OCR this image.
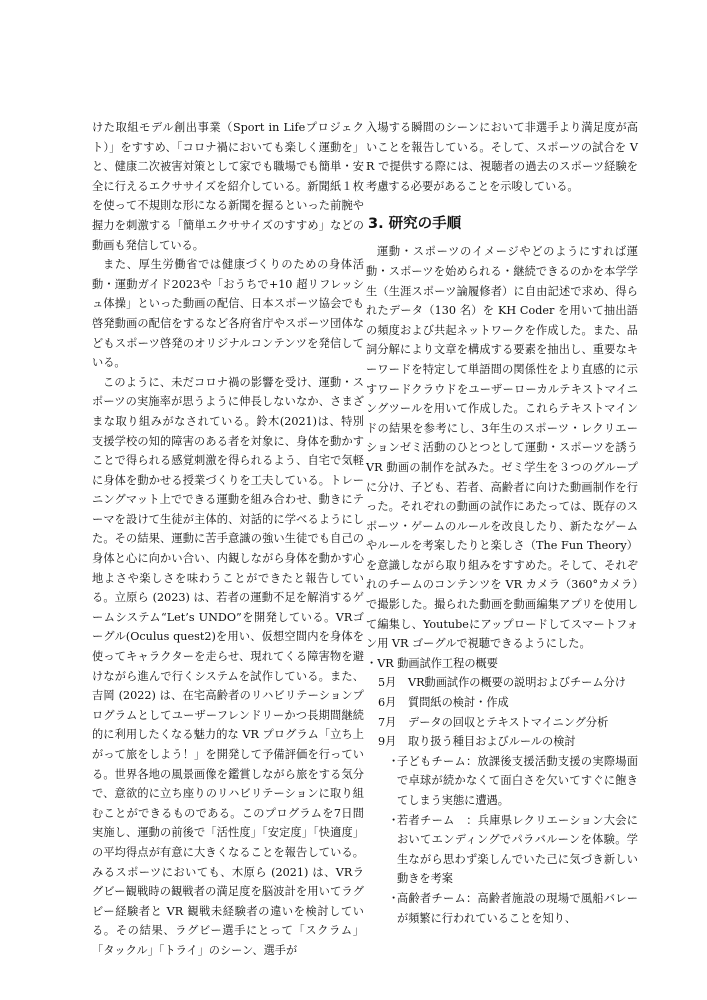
けた取組モデル創出事業（Sport in Lifeプロジェクト）」をすすめ、「コロナ禍においても楽しく運動を」と、健康二次被害対策として家でも職場でも簡単・安全に行えるエクササイズを紹介している。新聞紙１枚を使って不規則な形になる新聞を握るといった前腕や握力を刺激する「簡単エクササイズのすすめ」などの動画も発信している。

また、厚生労働省では健康づくりのための身体活動・運動ガイド2023や「おうちで+10 超リフレッシュ体操」といった動画の配信、日本スポーツ協会でも啓発動画の配信をするなど各府省庁やスポーツ団体などもスポーツ啓発のオリジナルコンテンツを発信している。

このように、未だコロナ禍の影響を受け、運動・スポーツの実施率が思うように伸長しないなか、さまざまな取り組みがなされている。鈴木(2021)は、特別支援学校の知的障害のある者を対象に、身体を動かすことで得られる感覚刺激を得られるよう、自宅で気軽に身体を動かせる授業づくりを工夫している。トレーニングマット上でできる運動を組み合わせ、動きにテーマを設けて生徒が主体的、対話的に学べるようにした。その結果、運動に苦手意識の強い生徒でも自己の身体と心に向かい合い、内観しながら身体を動かす心地よさや楽しさを味わうことができたと報告している。立原ら (2023) は、若者の運動不足を解消するゲームシステム“Let’s UNDO”を開発している。VRゴーグル(Oculus quest2)を用い、仮想空間内を身体を使ってキャラクターを走らせ、現れてくる障害物を避けながら進んで行くシステムを試作している。また、吉岡 (2022) は、在宅高齢者のリハビリテーションプログラムとしてユーザーフレンドリーかつ長期間継続的に利用したくなる魅力的な VR プログラム「立ち上がって旅をしよう！」を開発して予備評価を行っている。世界各地の風景画像を鑑賞しながら旅をする気分で、意欲的に立ち座りのリハビリテーションに取り組むことができるものである。このプログラムを7日間実施し、運動の前後で「活性度」「安定度」「快適度」の平均得点が有意に大きくなることを報告している。みるスポーツにおいても、木原ら (2021) は、VRラグビー観戦時の観戦者の満足度を脳波計を用いてラグビー経験者と VR 観戦未経験者の違いを検討している。その結果、ラグビー選手にとって「スクラム」「タックル」「トライ」のシーン、選手が

入場する瞬間のシーンにおいて非選手より満足度が高いことを報告している。そして、スポーツの試合を VR で提供する際には、視聴者の過去のスポーツ経験を考慮する必要があることを示唆している。

3. 研究の手順

運動・スポーツのイメージやどのようにすれば運動・スポーツを始められる・継続できるのかを本学学生（生涯スポーツ論履修者）に自由記述で求め、得られたデータ（130 名）を KH Coder を用いて抽出語の頻度および共起ネットワークを作成した。また、品詞分解により文章を構成する要素を抽出し、重要なキーワードを特定して単語間の関係性をより直感的に示すワードクラウドをユーザーローカルテキストマイニングツールを用いて作成した。これらテキストマインドの結果を参考にし、3年生のスポーツ・レクリエーションゼミ活動のひとつとして運動・スポーツを誘う VR 動画の制作を試みた。ゼミ学生を３つのグループに分け、子ども、若者、高齢者に向けた動画制作を行った。それぞれの動画の試作にあたっては、既存のスポーツ・ゲームのルールを改良したり、新たなゲームやルールを考案したりと楽しさ（The Fun Theory）を意識しながら取り組みをすすめた。そして、それぞれのチームのコンテンツを VR カメラ（360°カメラ）で撮影した。撮られた動画を動画編集アプリを使用して編集し、Youtubeにアップロードしてスマートフォン用 VR ゴーグルで視聴できるようにした。

・VR 動画試作工程の概要

5月	VR動画試作の概要の説明およびチーム分け
6月	質問紙の検討・作成
7月	データの回収とテキストマイニング分析
9月	取り扱う種目およびルールの検討
・
子どもチーム：放課後支援活動支援の実際場面で卓球が続かなくて面白さを欠いてすぐに飽きてしまう実態に遭遇。
・
若者チーム　：兵庫県レクリエーション大会においてエンディングでパラバルーンを体験。学生ながら思わず楽しんでいた己に気づき新しい動きを考案
・
高齢者チーム：高齢者施設の現場で風船バレーが頻繁に行われていることを知り、
